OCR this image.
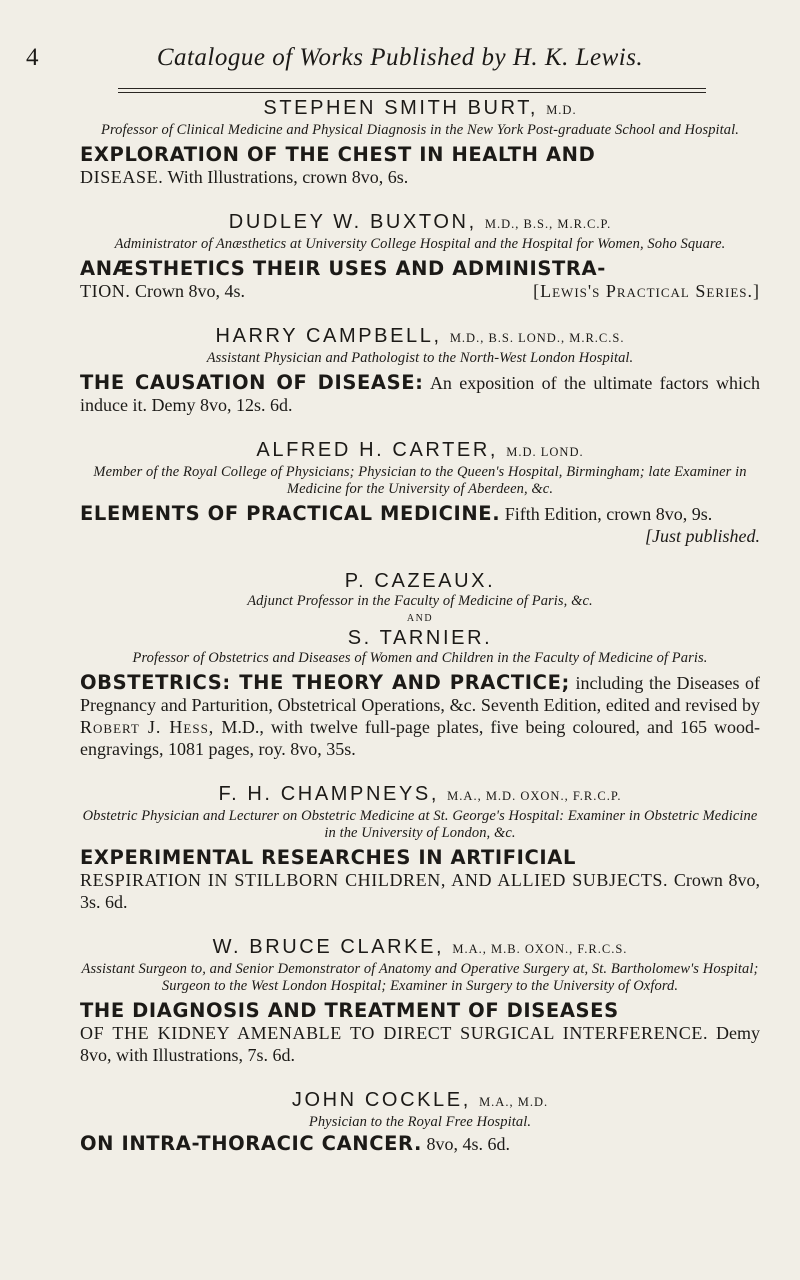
4	Catalogue of Works Published by H. K. Lewis.

STEPHEN SMITH BURT, M.D.

Professor of Clinical Medicine and Physical Diagnosis in the New York Post-graduate School and Hospital.

EXPLORATION OF THE CHEST IN HEALTH AND
DISEASE. With Illustrations, crown 8vo, 6s.

DUDLEY W. BUXTON, M.D., B.S., M.R.C.P.

Administrator of Anæsthetics at University College Hospital and the Hospital for Women, Soho Square.

ANÆSTHETICS THEIR USES AND ADMINISTRA-
TION. Crown 8vo, 4s.	[Lewis's Practical Series.]

HARRY CAMPBELL, M.D., B.S. LOND., M.R.C.S.

Assistant Physician and Pathologist to the North-West London Hospital.

THE CAUSATION OF DISEASE: An exposition of the ultimate factors which induce it. Demy 8vo, 12s. 6d.

ALFRED H. CARTER, M.D. LOND.

Member of the Royal College of Physicians; Physician to the Queen's Hospital, Birmingham; late Examiner in Medicine for the University of Aberdeen, &c.

ELEMENTS OF PRACTICAL MEDICINE. Fifth Edition, crown 8vo, 9s.
[Just published.

P. CAZEAUX.

Adjunct Professor in the Faculty of Medicine of Paris, &c.

AND

S. TARNIER.

Professor of Obstetrics and Diseases of Women and Children in the Faculty of Medicine of Paris.

OBSTETRICS: THE THEORY AND PRACTICE; including the Diseases of Pregnancy and Parturition, Obstetrical Operations, &c. Seventh Edition, edited and revised by Robert J. Hess, M.D., with twelve full-page plates, five being coloured, and 165 wood-engravings, 1081 pages, roy. 8vo, 35s.

F. H. CHAMPNEYS, M.A., M.D. OXON., F.R.C.P.

Obstetric Physician and Lecturer on Obstetric Medicine at St. George's Hospital: Examiner in Obstetric Medicine in the University of London, &c.

EXPERIMENTAL RESEARCHES IN ARTIFICIAL
RESPIRATION IN STILLBORN CHILDREN, AND ALLIED SUBJECTS. Crown 8vo, 3s. 6d.

W. BRUCE CLARKE, M.A., M.B. OXON., F.R.C.S.

Assistant Surgeon to, and Senior Demonstrator of Anatomy and Operative Surgery at, St. Bartholomew's Hospital; Surgeon to the West London Hospital; Examiner in Surgery to the University of Oxford.

THE DIAGNOSIS AND TREATMENT OF DISEASES
OF THE KIDNEY AMENABLE TO DIRECT SURGICAL INTERFERENCE. Demy 8vo, with Illustrations, 7s. 6d.

JOHN COCKLE, M.A., M.D.

Physician to the Royal Free Hospital.

ON INTRA-THORACIC CANCER. 8vo, 4s. 6d.
